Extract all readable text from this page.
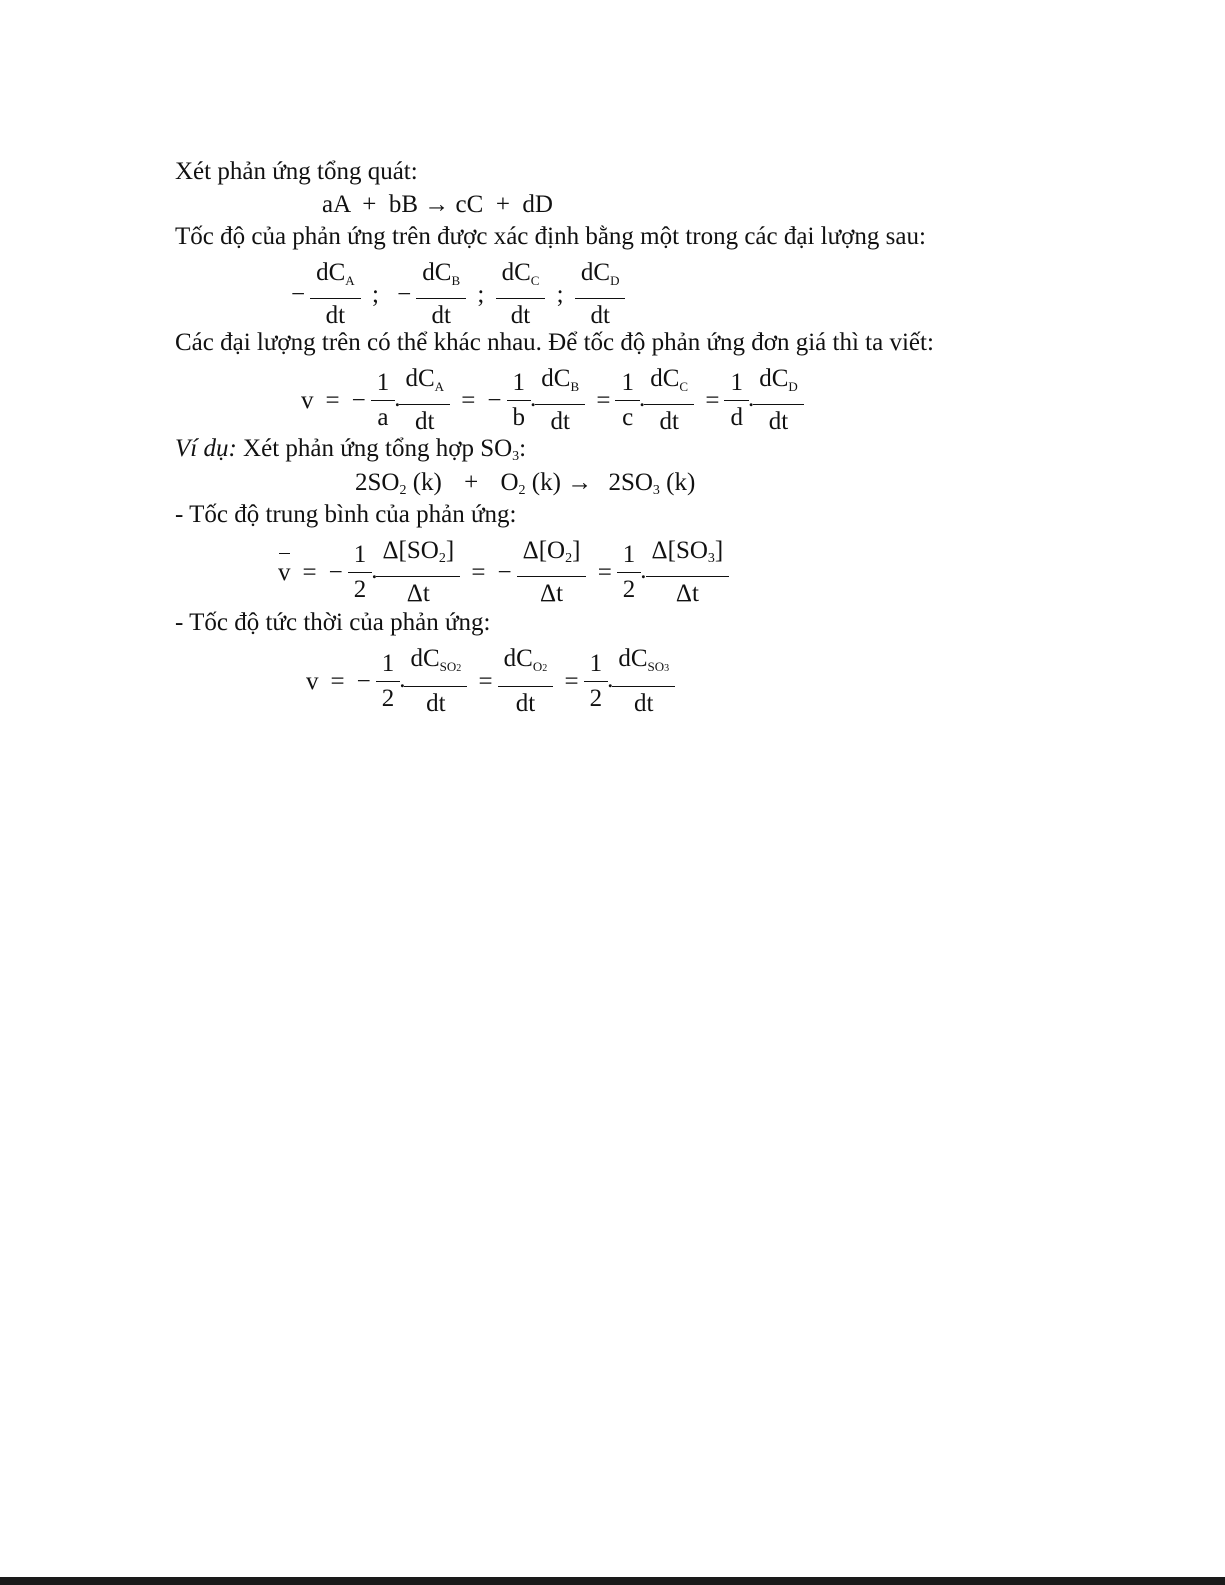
Xét phản ứng tổng quát:
aA  +  bB → cC  +  dD
Tốc độ của phản ứng trên được xác định bằng một trong các đại lượng sau:
−
$dC_A$
dt
; −
$dC_B$
dt
;
$dC_C$
dt
;
$dC_D$
dt
Các đại lượng trên có thể khác nhau. Để tốc độ phản ứng đơn giá thì ta viết:
v = − $\frac{1}{a}$ .
$dC_A$
dt
= − $\frac{1}{b}$ .
$dC_B$
dt
= $\frac{1}{c}$ .
$dC_C$
dt
= $\frac{1}{d}$ .
$dC_D$
dt
Ví dụ: Xét phản ứng tổng hợp $SO_3$:
$2SO_2$ $(k) + O_2$ $(k) \to 2SO_3$ (k)
- Tốc độ trung bình của phản ứng:
v = − $\frac{1}{2}$ . $\frac{\Delta[SO_2]}{\Delta t}$ = − $\frac{\Delta[O_2]}{\Delta t} = \frac{1}{2}$ . $\frac{\Delta[SO_3]}{\Delta t}$
- Tốc độ tức thời của phản ứng:
v = − $\frac{1}{2}$ .
$dC_{SO2}$
dt
=
$dC_{O2}$
dt
= $\frac{1}{2}$ .
$dC_{SO3}$
dt
